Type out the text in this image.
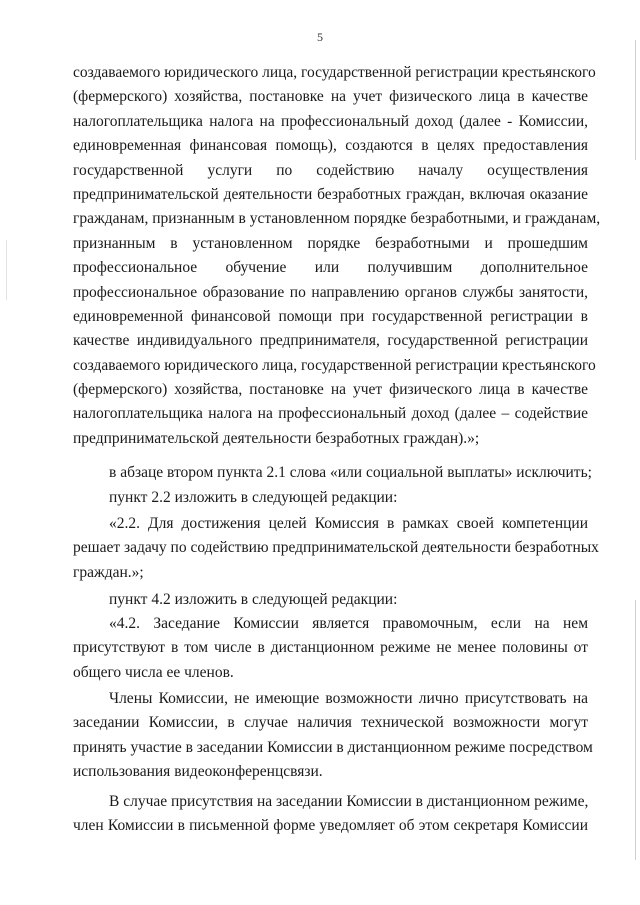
5
создаваемого юридического лица, государственной регистрации крестьянского
(фермерского) хозяйства, постановке на учет физического лица в качестве
налогоплательщика налога на профессиональный доход (далее - Комиссии,
единовременная финансовая помощь), создаются в целях предоставления
государственной услуги по содействию началу осуществления
предпринимательской деятельности безработных граждан, включая оказание
гражданам, признанным в установленном порядке безработными, и гражданам,
признанным в установленном порядке безработными и прошедшим
профессиональное обучение или получившим дополнительное
профессиональное образование по направлению органов службы занятости,
единовременной финансовой помощи при государственной регистрации в
качестве индивидуального предпринимателя, государственной регистрации
создаваемого юридического лица, государственной регистрации крестьянского
(фермерского) хозяйства, постановке на учет физического лица в качестве
налогоплательщика налога на профессиональный доход (далее – содействие
предпринимательской деятельности безработных граждан).»;
в абзаце втором пункта 2.1 слова «или социальной выплаты» исключить;
пункт 2.2 изложить в следующей редакции:
«2.2. Для достижения целей Комиссия в рамках своей компетенции
решает задачу по содействию предпринимательской деятельности безработных
граждан.»;
пункт 4.2 изложить в следующей редакции:
«4.2. Заседание Комиссии является правомочным, если на нем
присутствуют в том числе в дистанционном режиме не менее половины от
общего числа ее членов.
Члены Комиссии, не имеющие возможности лично присутствовать на
заседании Комиссии, в случае наличия технической возможности могут
принять участие в заседании Комиссии в дистанционном режиме посредством
использования видеоконференцсвязи.
В случае присутствия на заседании Комиссии в дистанционном режиме,
член Комиссии в письменной форме уведомляет об этом секретаря Комиссии
